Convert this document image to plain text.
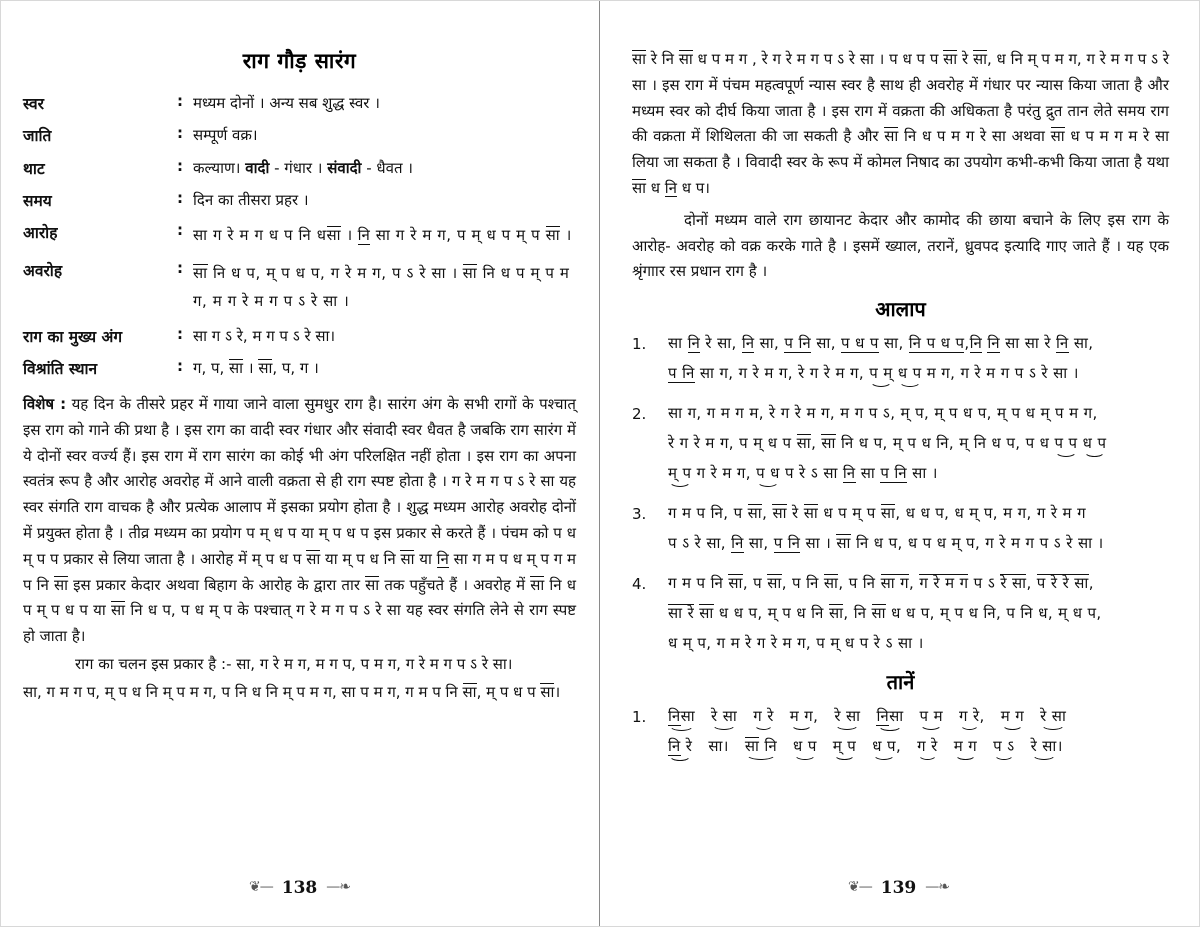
राग गौड़ सारंग
स्वर	:	मध्यम दोनों । अन्य सब शुद्ध स्वर ।
जाति	:	सम्पूर्ण वक्र।
थाट	:	कल्याण। वादी - गंधार । संवादी - धैवत ।
समय	:	दिन का तीसरा प्रहर ।
आरोह	:	सा ग रे म ग ध प नि धसा । नि सा ग रे म ग, प म् ध प म् प सा ।
अवरोह	:	सा नि ध प, म् प ध प, ग रे म ग, प ऽ रे सा । सा नि ध प म् प म ग, म ग रे म ग प ऽ रे सा ।
राग का मुख्य अंग	:	सा ग ऽ रे, म ग प ऽ रे सा।
विश्रांति स्थान	:	ग, प, सा । सा, प, ग ।

विशेष : यह दिन के तीसरे प्रहर में गाया जाने वाला सुमधुर राग है। सारंग अंग के सभी रागों के पश्चात् इस राग को गाने की प्रथा है । इस राग का वादी स्वर गंधार और संवादी स्वर धैवत है जबकि राग सारंग में ये दोनों स्वर वर्ज्य हैं। इस राग में राग सारंग का कोई भी अंग परिलक्षित नहीं होता । इस राग का अपना स्वतंत्र रूप है और आरोह अवरोह में आने वाली वक्रता से ही राग स्पष्ट होता है । ग रे म ग प ऽ रे सा यह स्वर संगति राग वाचक है और प्रत्येक आलाप में इसका प्रयोग होता है । शुद्ध मध्यम आरोह अवरोह दोनों में प्रयुक्त होता है । तीव्र मध्यम का प्रयोग प म् ध प या म् प ध प इस प्रकार से करते हैं । पंचम को प ध म् प प प्रकार से लिया जाता है । आरोह में म् प ध प सा या म् प ध नि सा या नि सा ग म प ध म् प ग म प नि सा इस प्रकार केदार अथवा बिहाग के आरोह के द्वारा तार सा तक पहुँचते हैं । अवरोह में सा नि ध प म् प ध प या सा नि ध प, प ध म् प के पश्चात् ग रे म ग प ऽ रे सा यह स्वर संगति लेने से राग स्पष्ट हो जाता है।

राग का चलन इस प्रकार है :- सा, ग रे म ग, म ग प, प म ग, ग रे म ग प ऽ रे सा।

सा, ग म ग प, म् प ध नि म् प म ग, प नि ध नि म् प म ग, सा प म ग, ग म प नि सा, म् प ध प सा।

❦— 138 —❧

सा रे नि सा ध प म ग , रे ग रे म ग प ऽ रे सा । प ध प प सा रे सा, ध नि म् प म ग, ग रे म ग प ऽ रे सा । इस राग में पंचम महत्वपूर्ण न्यास स्वर है साथ ही अवरोह में गंधार पर न्यास किया जाता है और मध्यम स्वर को दीर्घ किया जाता है । इस राग में वक्रता की अधिकता है परंतु द्रुत तान लेते समय राग की वक्रता में शिथिलता की जा सकती है और सा नि ध प म ग रे सा अथवा सा ध प म ग म रे सा लिया जा सकता है । विवादी स्वर के रूप में कोमल निषाद का उपयोग कभी-कभी किया जाता है यथा सा ध नि ध प।

दोनों मध्यम वाले राग छायानट केदार और कामोद की छाया बचाने के लिए इस राग के आरोह- अवरोह को वक्र करके गाते है । इसमें ख्याल, तरानें, ध्रुवपद इत्यादि गाए जाते हैं । यह एक श्रृंगाार रस प्रधान राग है ।

आलाप
1.	सा नि रे सा, नि सा, प नि सा, प ध प सा, नि प ध प,नि नि सा सा रे नि सा,
प नि सा ग, ग रे म ग, रे ग रे म ग, प म् ध प म ग, ग रे म ग प ऽ रे सा ।
2.	सा ग, ग म ग म, रे ग रे म ग, म ग प ऽ, म् प, म् प ध प, म् प ध म् प म ग,
रे ग रे म ग, प म् ध प सा, सा नि ध प, म् प ध नि, म् नि ध प, प ध प प ध प
म् प ग रे म ग, प ध प रे ऽ सा नि सा प नि सा ।
3.	ग म प नि, प सा, सा रे सा ध प म् प सा, ध ध प, ध म् प, म ग, ग रे म ग
प ऽ रे सा, नि सा, प नि सा । सा नि ध प, ध प ध म् प, ग रे म ग प ऽ रे सा ।
4.	ग म प नि सा, प सा, प नि सा, प नि सा ग, ग रे म ग प ऽ रे सा, प रे रे सा,
सा रे सा ध ध प, म् प ध नि सा, नि सा ध ध प, म् प ध नि, प नि ध, म् ध प,
ध म् प, ग म रे ग रे म ग, प म् ध प रे ऽ सा ।
तानें
1.	निसा रे सा ग रे म ग, रे सा निसा प म ग रे, म ग रे सा
नि रे सा। सा नि ध प म् प ध प, ग रे म ग प ऽ रे सा।
❦— 139 —❧
